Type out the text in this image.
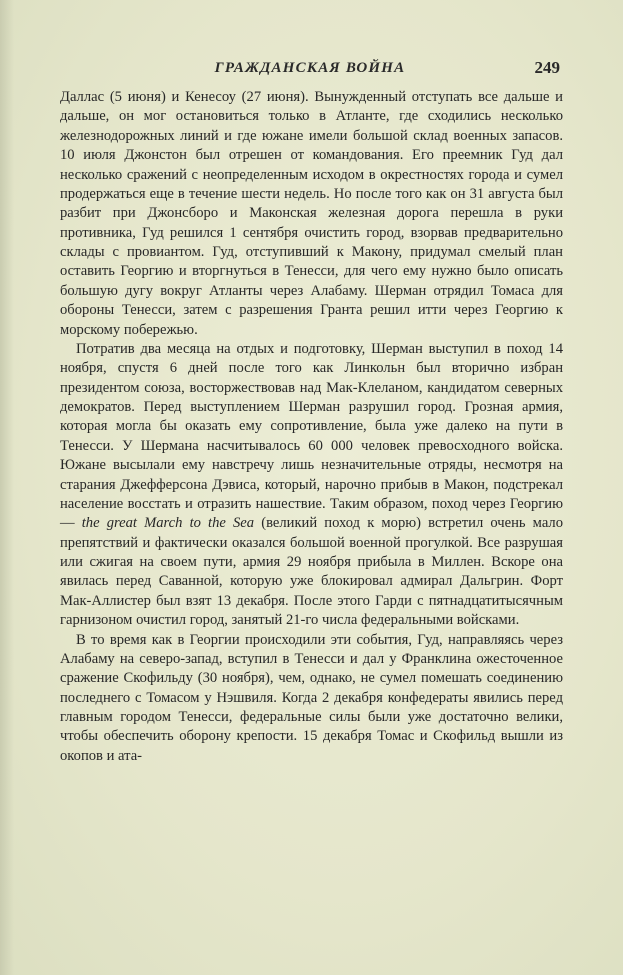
ГРАЖДАНСКАЯ ВОЙНА	249

Даллас (5 июня) и Кенесоу (27 июня). Вынужденный отступать все дальше и дальше, он мог остановиться только в Атланте, где сходились несколько железнодорожных линий и где южане имели большой склад военных запасов. 10 июля Джонстон был отрешен от командования. Его преемник Гуд дал несколько сражений с неопределенным исходом в окрестностях города и сумел продержаться еще в течение шести недель. Но после того как он 31 августа был разбит при Джонсборо и Маконская железная дорога перешла в руки противника, Гуд решился 1 сентября очистить город, взорвав предварительно склады с провиантом. Гуд, отступивший к Макону, придумал смелый план оставить Георгию и вторгнуться в Тенесси, для чего ему нужно было описать большую дугу вокруг Атланты через Алабаму. Шерман отрядил Томаса для обороны Тенесси, затем с разрешения Гранта решил итти через Георгию к морскому побережью.

Потратив два месяца на отдых и подготовку, Шерман выступил в поход 14 ноября, спустя 6 дней после того как Линкольн был вторично избран президентом союза, восторжествовав над Мак-Клеланом, кандидатом северных демократов. Перед выступлением Шерман разрушил город. Грозная армия, которая могла бы оказать ему сопротивление, была уже далеко на пути в Тенесси. У Шермана насчитывалось 60 000 человек превосходного войска. Южане высылали ему навстречу лишь незначительные отряды, несмотря на старания Джефферсона Дэвиса, который, нарочно прибыв в Макон, подстрекал население восстать и отразить нашествие. Таким образом, поход через Георгию — the great March to the Sea (великий поход к морю) встретил очень мало препятствий и фактически оказался большой военной прогулкой. Все разрушая или сжигая на своем пути, армия 29 ноября прибыла в Миллен. Вскоре она явилась перед Саванной, которую уже блокировал адмирал Дальгрин. Форт Мак-Аллистер был взят 13 декабря. После этого Гарди с пятнадцатитысячным гарнизоном очистил город, занятый 21-го числа федеральными войсками.

В то время как в Георгии происходили эти события, Гуд, направляясь через Алабаму на северо-запад, вступил в Тенесси и дал у Франклина ожесточенное сражение Скофильду (30 ноября), чем, однако, не сумел помешать соединению последнего с Томасом у Нэшвиля. Когда 2 декабря конфедераты явились перед главным городом Тенесси, федеральные силы были уже достаточно велики, чтобы обеспечить оборону крепости. 15 декабря Томас и Скофильд вышли из окопов и ата-
